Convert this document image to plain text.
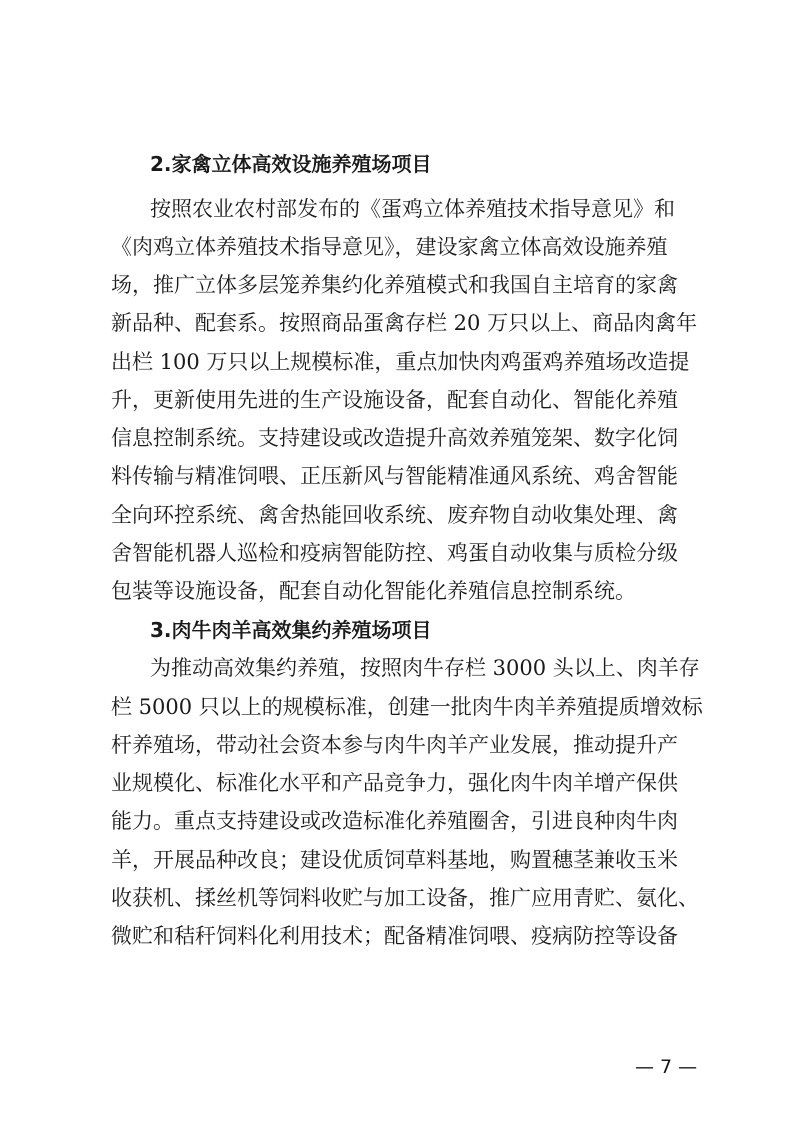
2.家禽立体高效设施养殖场项目
按照农业农村部发布的《蛋鸡立体养殖技术指导意见》和
《肉鸡立体养殖技术指导意见》，建设家禽立体高效设施养殖
场，推广立体多层笼养集约化养殖模式和我国自主培育的家禽
新品种、配套系。按照商品蛋禽存栏 20 万只以上、商品肉禽年
出栏 100 万只以上规模标准，重点加快肉鸡蛋鸡养殖场改造提
升，更新使用先进的生产设施设备，配套自动化、智能化养殖
信息控制系统。支持建设或改造提升高效养殖笼架、数字化饲
料传输与精准饲喂、正压新风与智能精准通风系统、鸡舍智能
全向环控系统、禽舍热能回收系统、废弃物自动收集处理、禽
舍智能机器人巡检和疫病智能防控、鸡蛋自动收集与质检分级
包装等设施设备，配套自动化智能化养殖信息控制系统。
3.肉牛肉羊高效集约养殖场项目
为推动高效集约养殖，按照肉牛存栏 3000 头以上、肉羊存
栏 5000 只以上的规模标准，创建一批肉牛肉羊养殖提质增效标
杆养殖场，带动社会资本参与肉牛肉羊产业发展，推动提升产
业规模化、标准化水平和产品竞争力，强化肉牛肉羊增产保供
能力。重点支持建设或改造标准化养殖圈舍，引进良种肉牛肉
羊，开展品种改良；建设优质饲草料基地，购置穗茎兼收玉米
收获机、揉丝机等饲料收贮与加工设备，推广应用青贮、氨化、
微贮和秸秆饲料化利用技术；配备精准饲喂、疫病防控等设备
— 7 —
